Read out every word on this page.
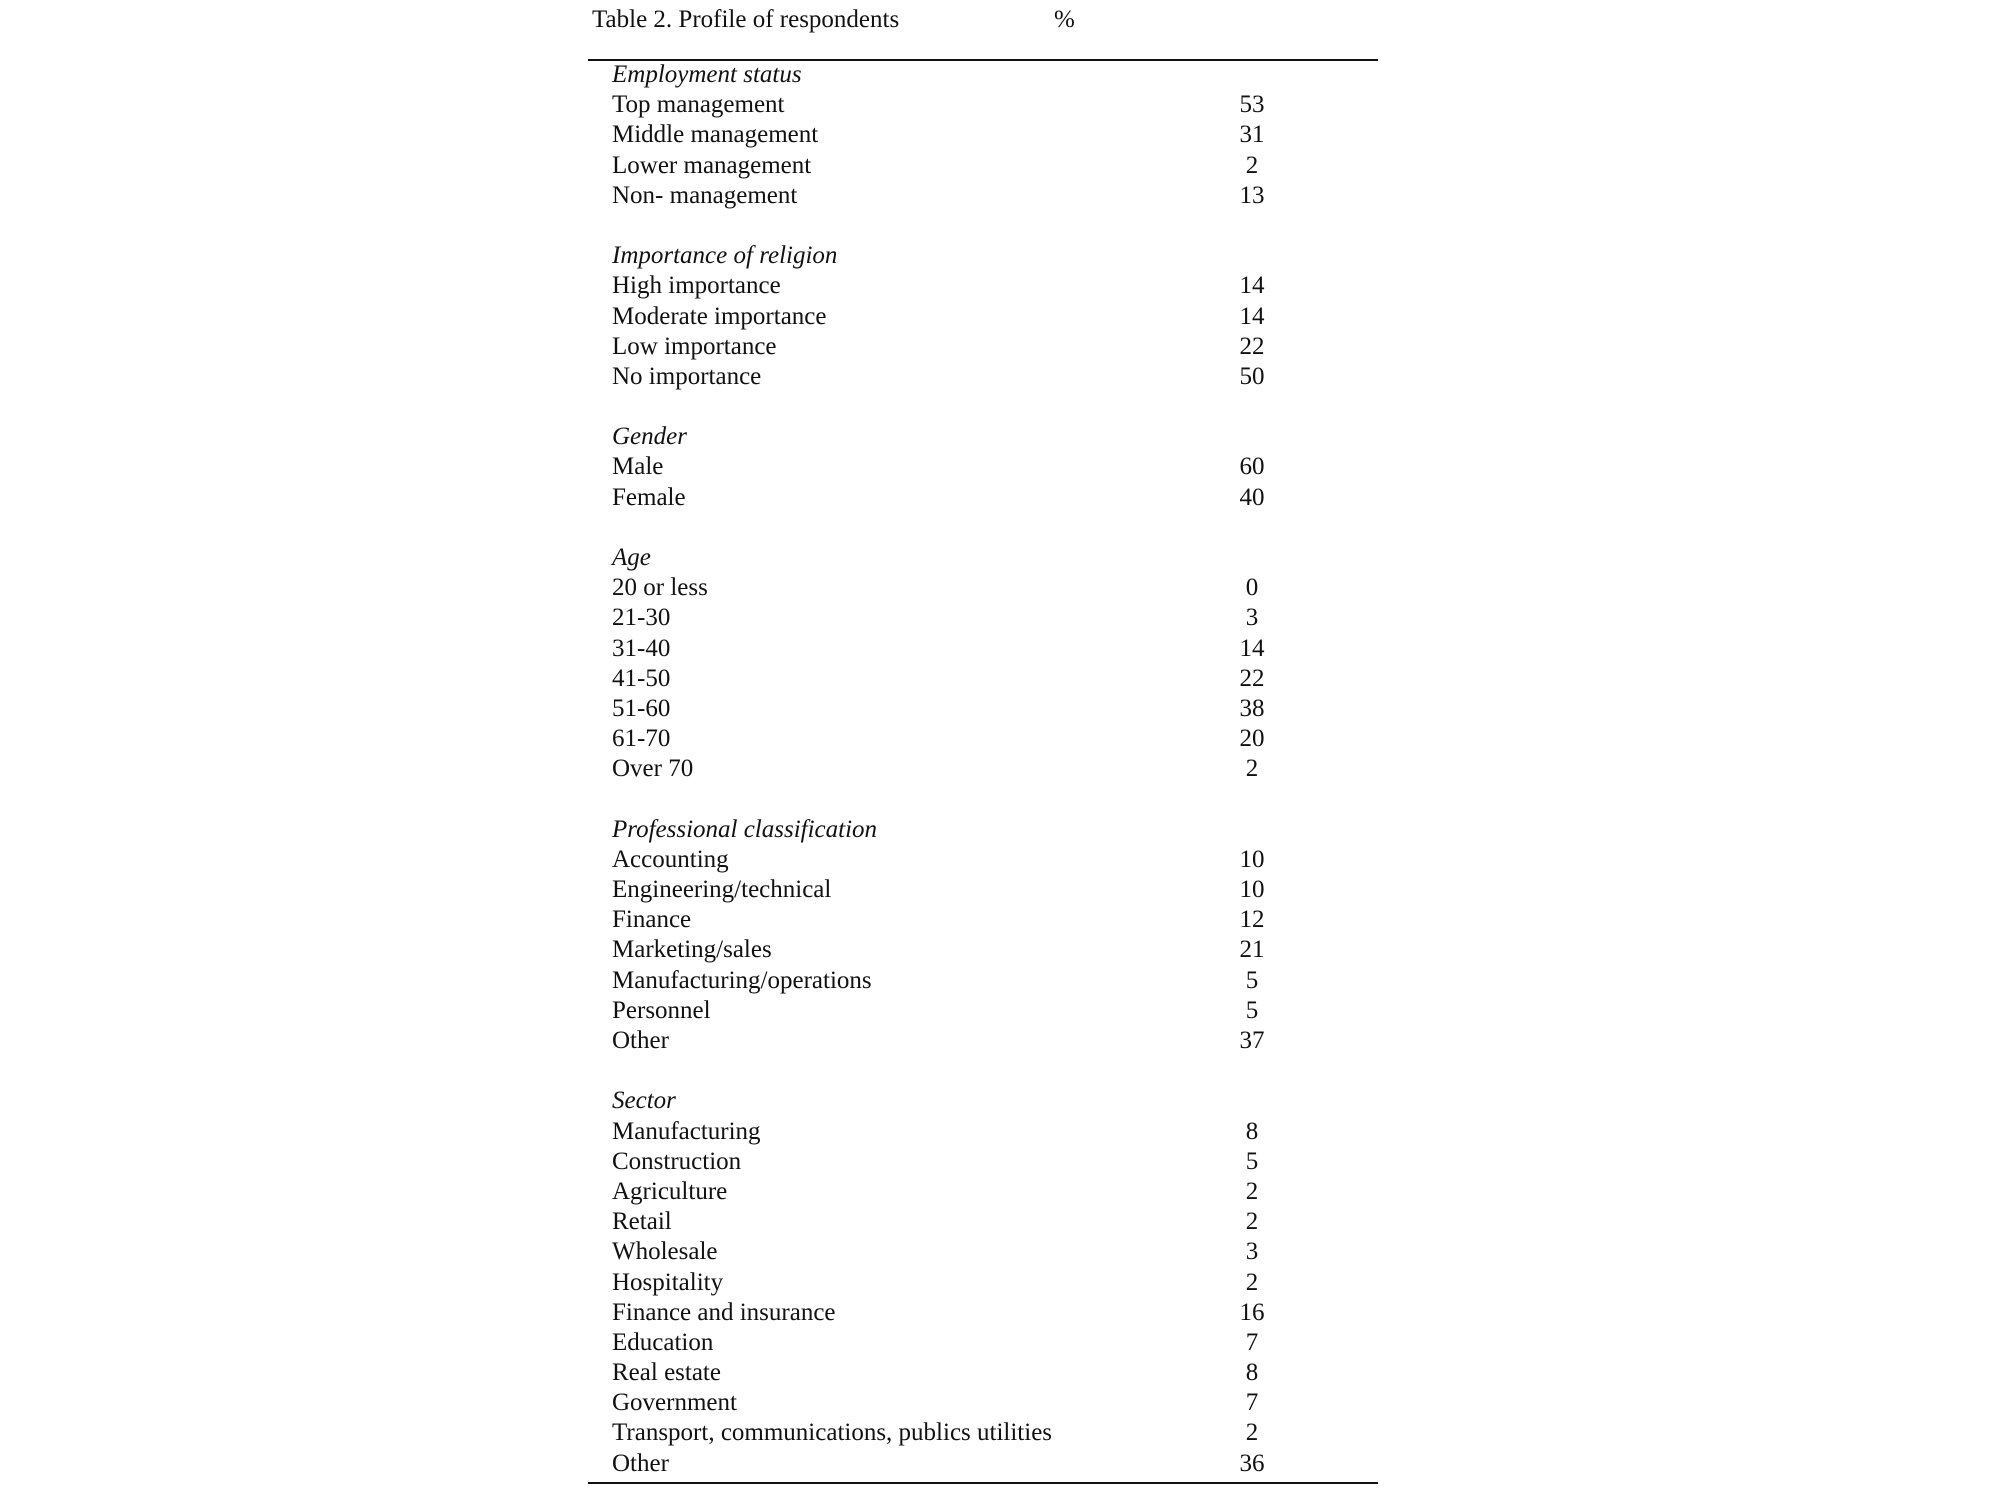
Table 2. Profile of respondents	%
Employment status
Top management	53
Middle management	31
Lower management	2
Non- management	13
Importance of religion
High importance	14
Moderate importance	14
Low importance	22
No importance	50
Gender
Male	60
Female	40
Age
20 or less	0
21-30	3
31-40	14
41-50	22
51-60	38
61-70	20
Over 70	2
Professional classification
Accounting	10
Engineering/technical	10
Finance	12
Marketing/sales	21
Manufacturing/operations	5
Personnel	5
Other	37
Sector
Manufacturing	8
Construction	5
Agriculture	2
Retail	2
Wholesale	3
Hospitality	2
Finance and insurance	16
Education	7
Real estate	8
Government	7
Transport, communications, publics utilities	2
Other	36
